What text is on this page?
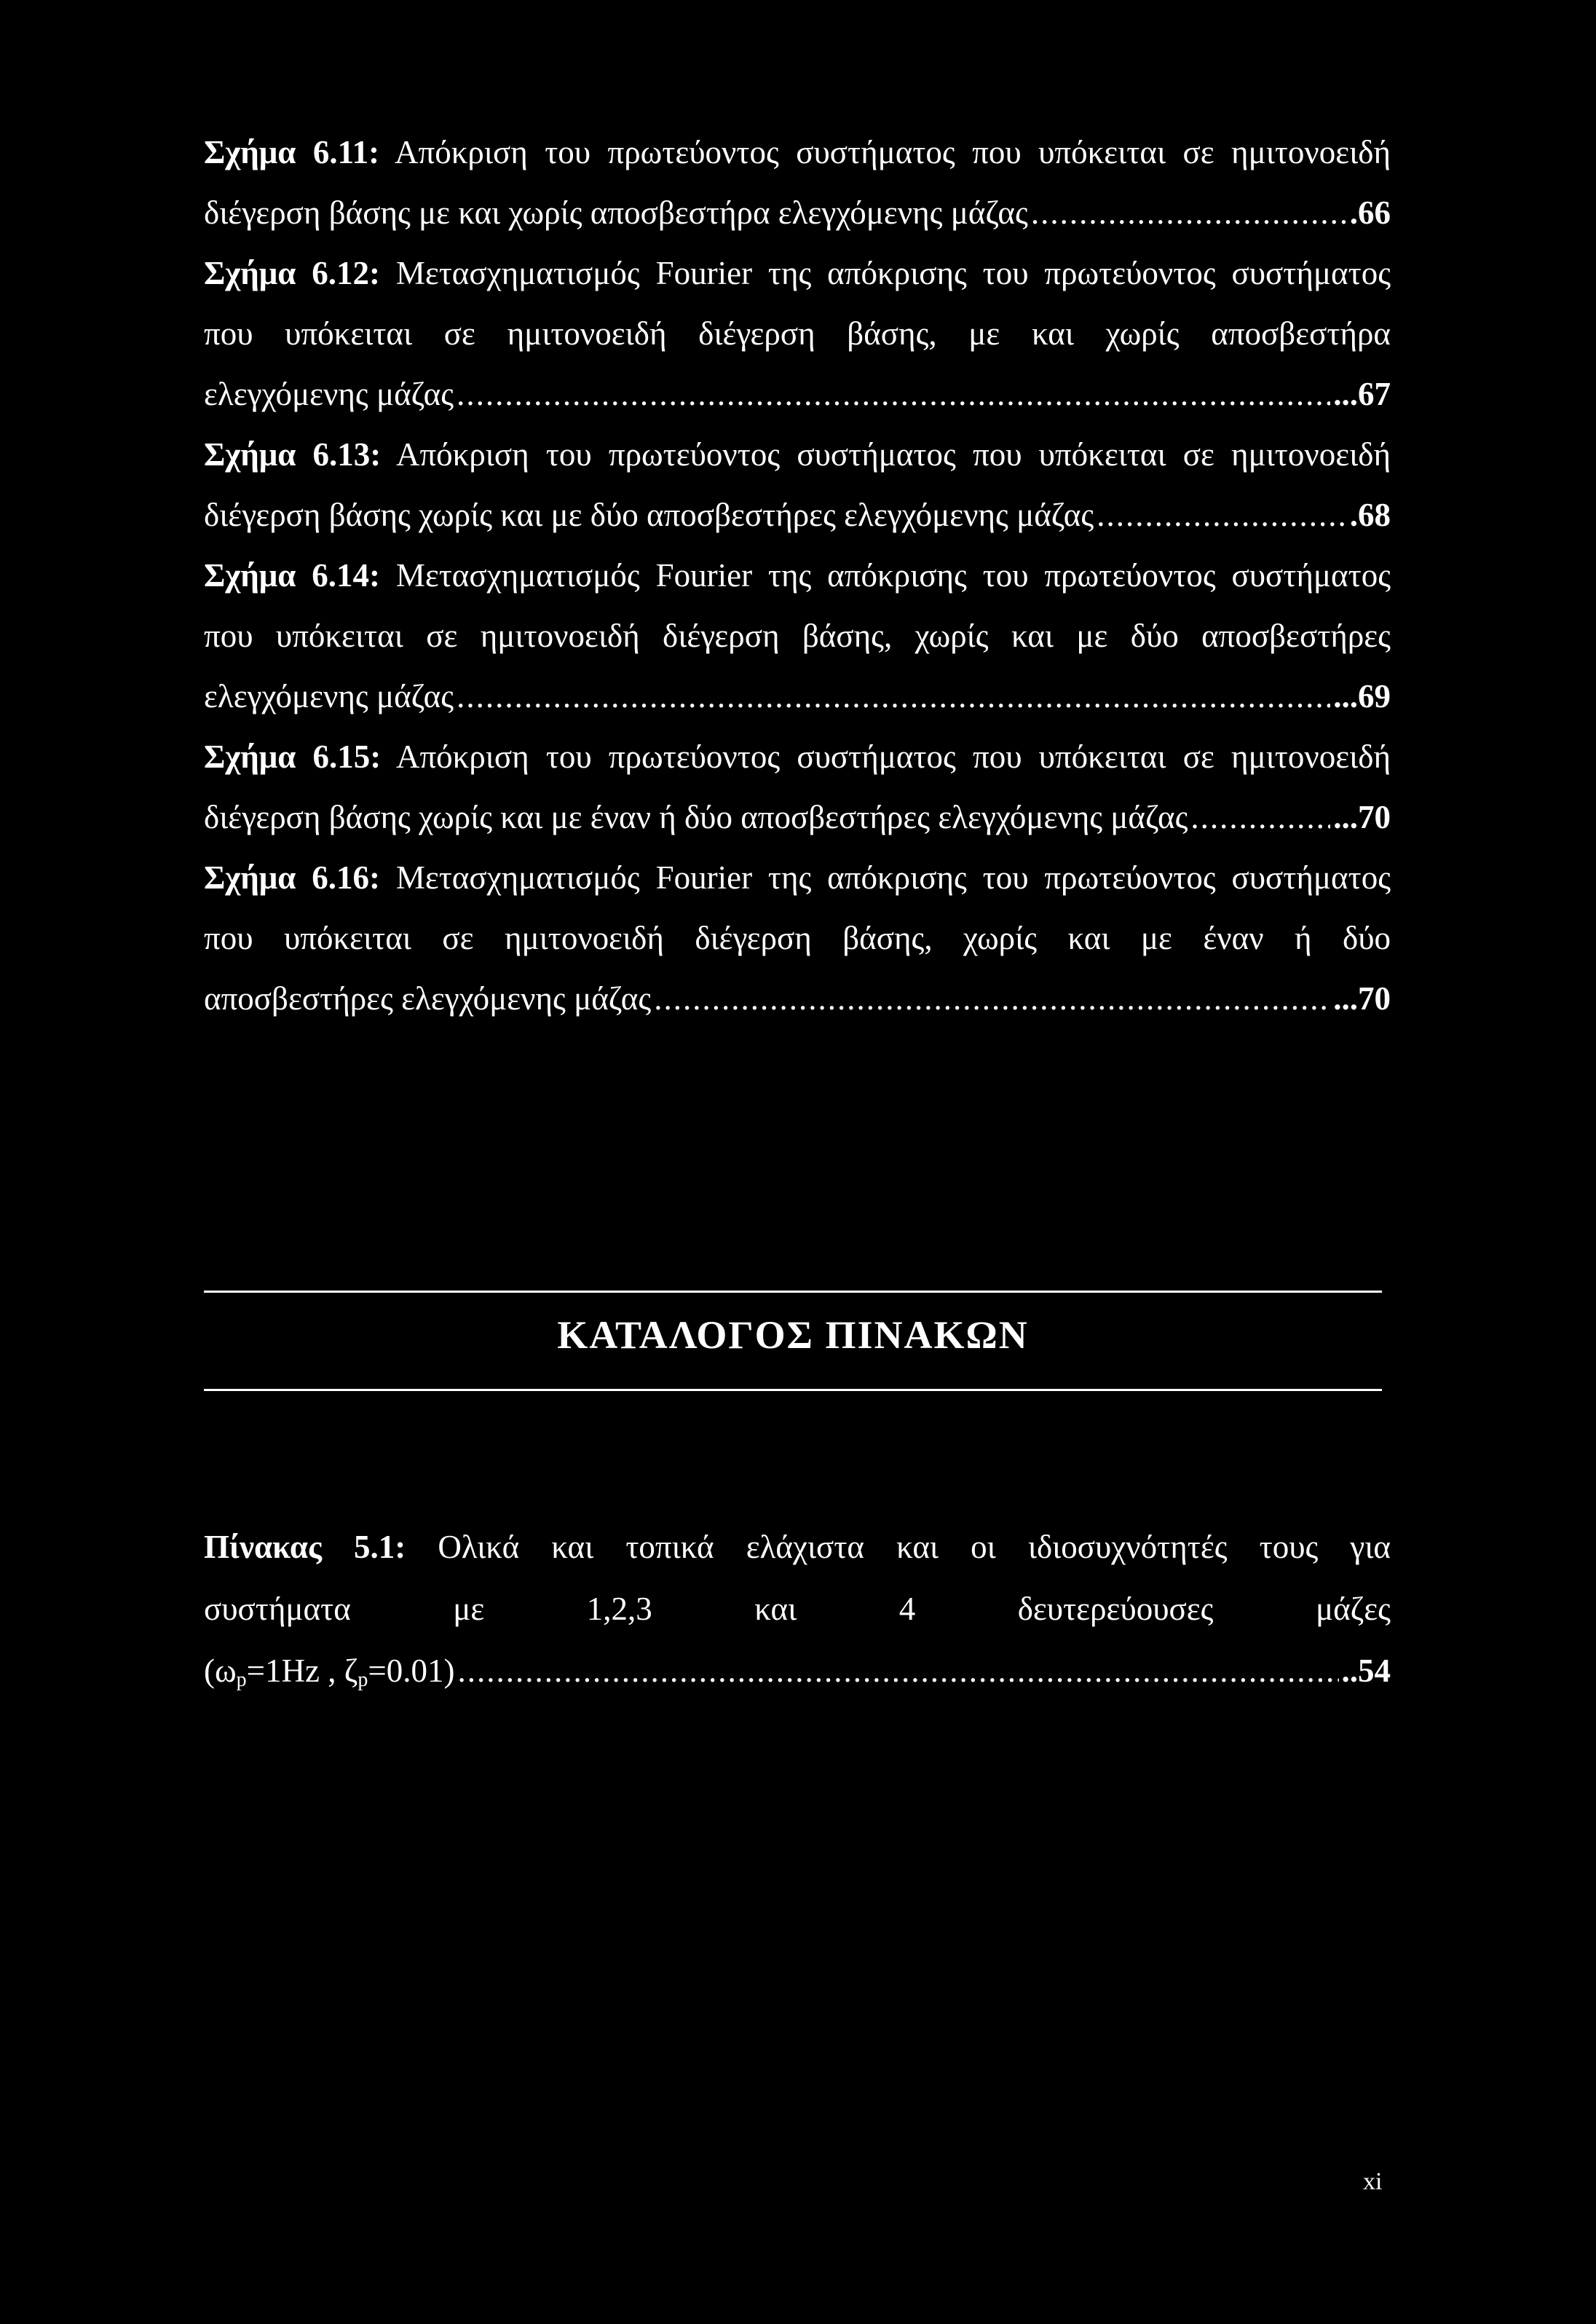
Σχήμα 6.11: Απόκριση του πρωτεύοντος συστήματος που υπόκειται σε ημιτονοειδή
διέγερση βάσης με και χωρίς αποσβεστήρα ελεγχόμενης μάζας .....	.66
Σχήμα 6.12: Μετασχηματισμός Fourier της απόκρισης του πρωτεύοντος συστήματος
που υπόκειται σε ημιτονοειδή διέγερση βάσης, με και χωρίς αποσβεστήρα
ελεγχόμενης μάζας .....	...67
Σχήμα 6.13: Απόκριση του πρωτεύοντος συστήματος που υπόκειται σε ημιτονοειδή
διέγερση βάσης χωρίς και με δύο αποσβεστήρες ελεγχόμενης μάζας .....	.68
Σχήμα 6.14: Μετασχηματισμός Fourier της απόκρισης του πρωτεύοντος συστήματος
που υπόκειται σε ημιτονοειδή διέγερση βάσης, χωρίς και με δύο αποσβεστήρες
ελεγχόμενης μάζας .....	...69
Σχήμα 6.15: Απόκριση του πρωτεύοντος συστήματος που υπόκειται σε ημιτονοειδή
διέγερση βάσης χωρίς και με έναν ή δύο αποσβεστήρες ελεγχόμενης μάζας .....	...70
Σχήμα 6.16: Μετασχηματισμός Fourier της απόκρισης του πρωτεύοντος συστήματος
που υπόκειται σε ημιτονοειδή διέγερση βάσης, χωρίς και με έναν ή δύο
αποσβεστήρες ελεγχόμενης μάζας .....	...70
ΚΑΤΑΛΟΓΟΣ ΠΙΝΑΚΩΝ
Πίνακας 5.1: Ολικά και τοπικά ελάχιστα και οι ιδιοσυχνότητές τους για
συστήματα με 1,2,3 και 4 δευτερεύουσες μάζες
($\omega_p=1Hz$ , $\zeta_p=0.01$) .....	..54
xi
